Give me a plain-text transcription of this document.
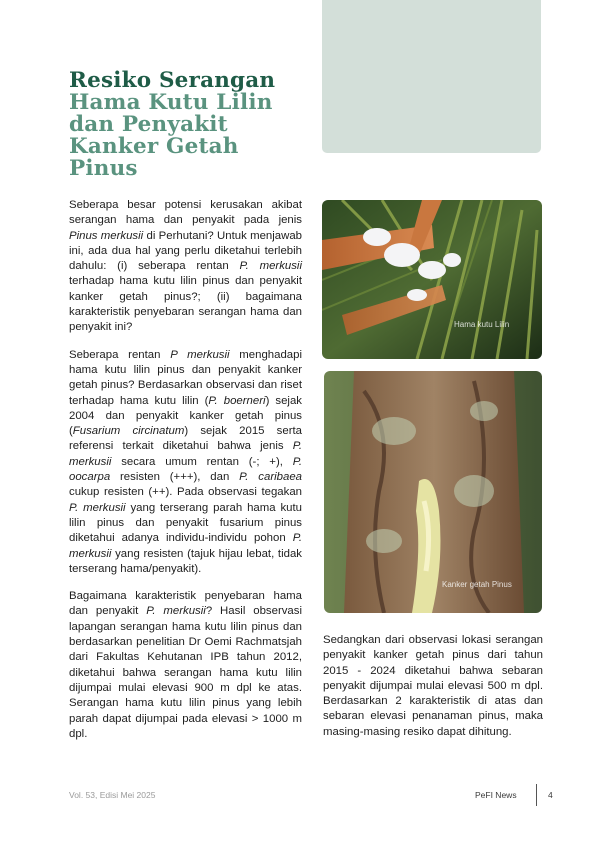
Resiko Serangan
Hama Kutu Lilin
dan Penyakit
Kanker Getah
Pinus

Seberapa besar potensi kerusakan akibat serangan hama dan penyakit pada jenis Pinus merkusii di Perhutani? Untuk menjawab ini, ada dua hal yang perlu diketahui terlebih dahulu: (i) seberapa rentan P. merkusii terhadap hama kutu lilin pinus dan penyakit kanker getah pinus?; (ii) bagaimana karakteristik penyebaran serangan hama dan penyakit ini?

Seberapa rentan P merkusii menghadapi hama kutu lilin pinus dan penyakit kanker getah pinus? Berdasarkan observasi dan riset terhadap hama kutu lilin (P. boerneri) sejak 2004 dan penyakit kanker getah pinus (Fusarium circinatum) sejak 2015 serta referensi terkait diketahui bahwa jenis P. merkusii secara umum rentan (-; +), P. oocarpa resisten (+++), dan P. caribaea cukup resisten (++). Pada observasi tegakan P. merkusii yang terserang parah hama kutu lilin pinus dan penyakit fusarium pinus diketahui adanya individu-individu pohon P. merkusii yang resisten (tajuk hijau lebat, tidak terserang hama/penyakit).

Bagaimana karakteristik penyebaran hama dan penyakit P. merkusii? Hasil observasi lapangan serangan hama kutu lilin pinus dan berdasarkan penelitian Dr Oemi Rachmatsjah dari Fakultas Kehutanan IPB tahun 2012, diketahui bahwa serangan hama kutu lilin dijumpai mulai elevasi 900 m dpl ke atas. Serangan hama kutu lilin pinus yang lebih parah dapat dijumpai pada elevasi > 1000 m dpl.

Hama kutu Lilin
Kanker getah Pinus

Sedangkan dari observasi lokasi serangan penyakit kanker getah pinus dari tahun 2015 - 2024 diketahui bahwa sebaran penyakit dijumpai mulai elevasi 500 m dpl. Berdasarkan 2 karakteristik di atas dan sebaran elevasi penanaman pinus, maka masing-masing resiko dapat dihitung.

Vol. 53, Edisi Mei 2025	PeFI News	4
